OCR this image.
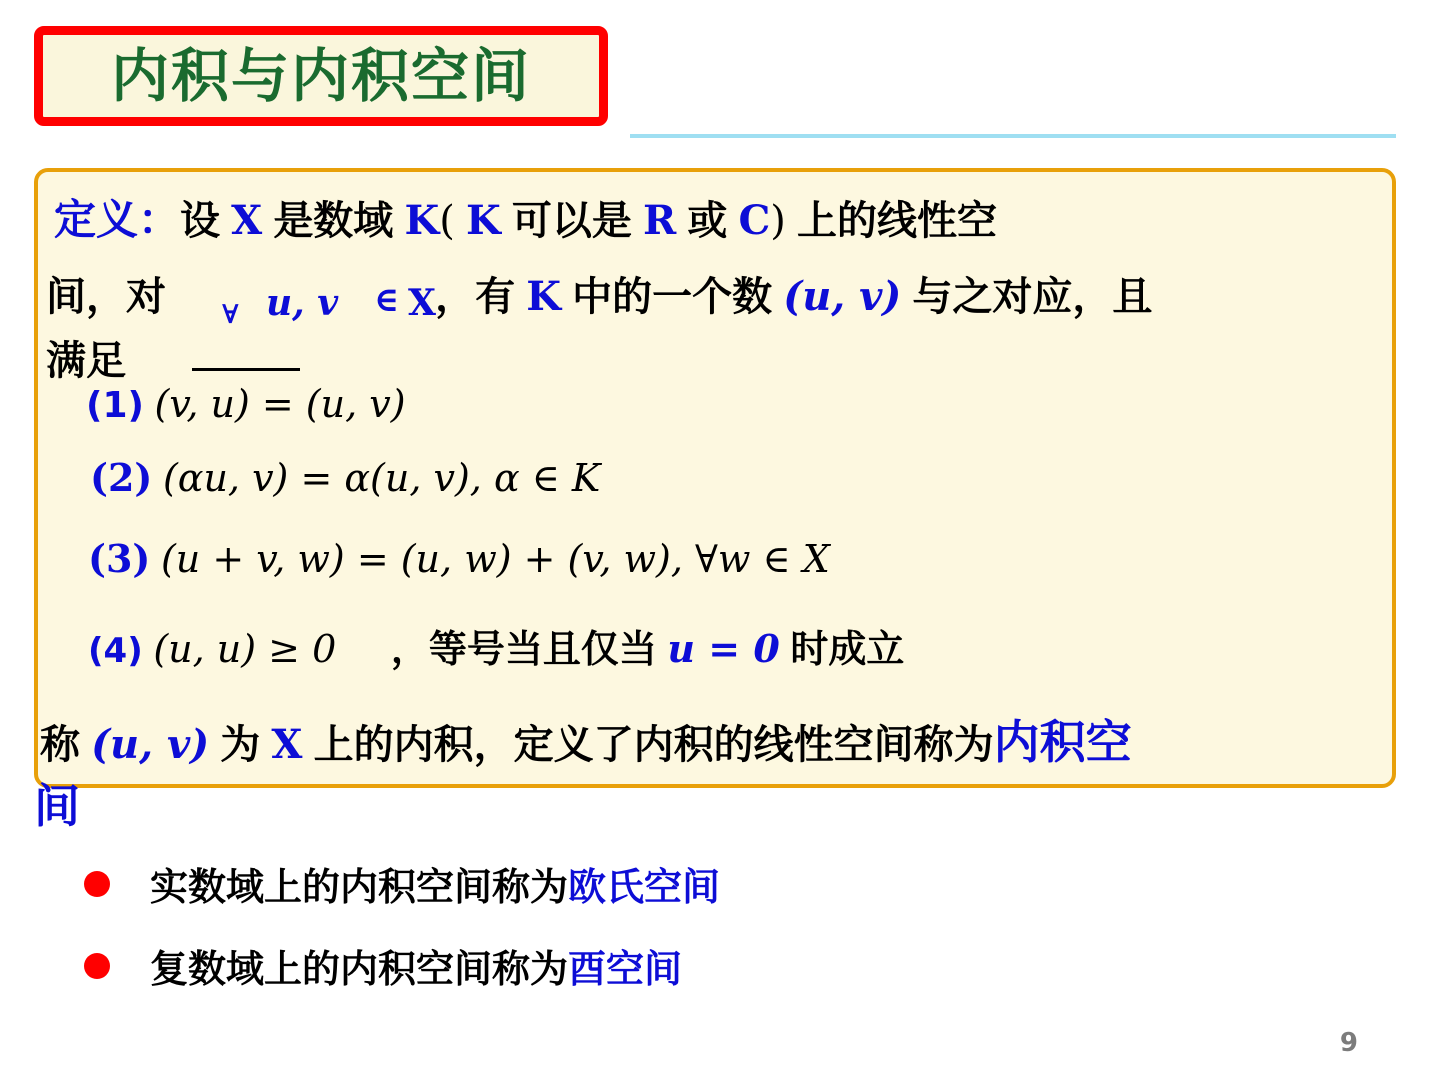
内积与内积空间
定义：设 X 是数域 K( K 可以是 R 或 C) 上的线性空
间，对	，有 K 中的一个数 (u, v) 与之对应，且
∀ u, v ∈ X
满足
(1) (v, u) = (u, v)
(2) (αu, v) = α(u, v), α ∈ K
(3) (u + v, w) = (u, w) + (v, w), ∀w ∈ X
(4) (u, u) ≥ 0 ，等号当且仅当 u = 0 时成立
称 (u, v) 为 X 上的内积，定义了内积的线性空间称为内积空
间
实数域上的内积空间称为 欧氏空间
复数域上的内积空间称为 酉空间
9
